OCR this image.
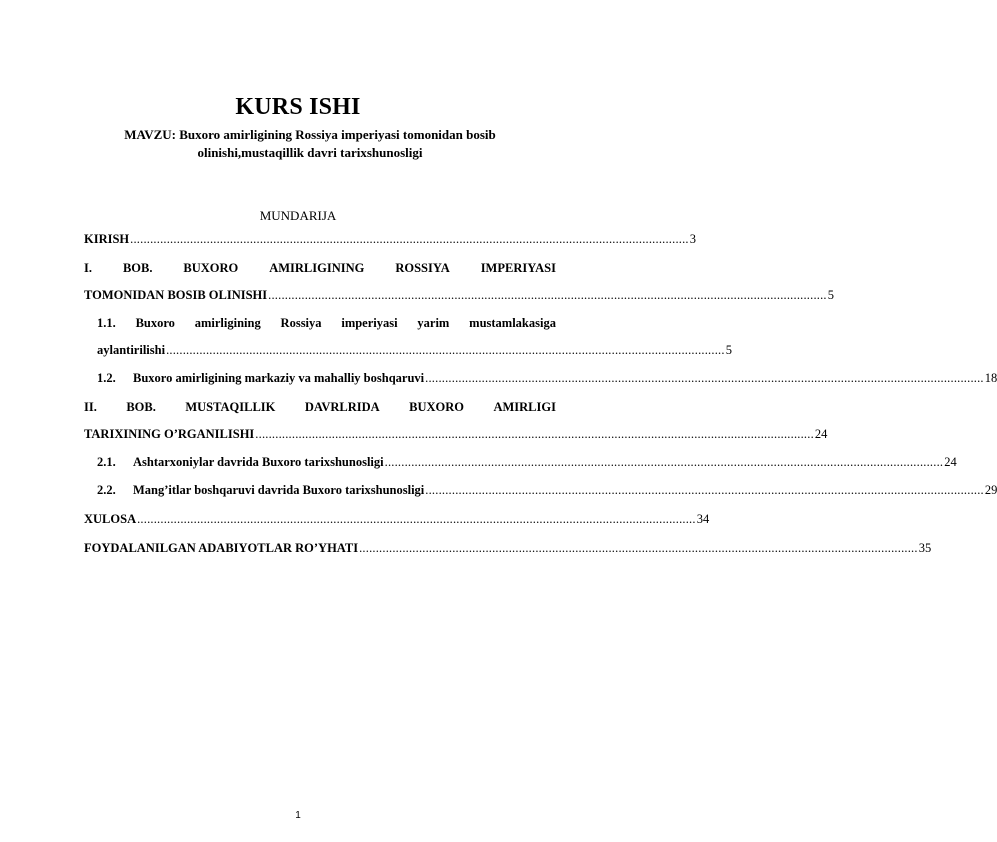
KURS ISHI
MAVZU: Buxoro amirligining Rossiya imperiyasi tomonidan bosib
olinishi,mustaqillik davri tarixshunosligi
MUNDARIJA
KIRISH ........................................................................................................................................................................ 3
I. BOB. BUXORO AMIRLIGINING ROSSIYA IMPERIYASI
TOMONIDAN BOSIB OLINISHI ........................................................................................................................................................................ 5
1.1. Buxoro amirligining Rossiya imperiyasi yarim mustamlakasiga
aylantirilishi ........................................................................................................................................................................ 5
1.2. Buxoro amirligining markaziy va mahalliy boshqaruvi ........................................................................................................................................................................ 18
II. BOB. MUSTAQILLIK DAVRLRIDA BUXORO AMIRLIGI
TARIXINING O’RGANILISHI ........................................................................................................................................................................ 24
2.1. Ashtarxoniylar davrida Buxoro tarixshunosligi ........................................................................................................................................................................ 24
2.2. Mang’itlar boshqaruvi davrida Buxoro tarixshunosligi ........................................................................................................................................................................ 29
XULOSA ........................................................................................................................................................................ 34
FOYDALANILGAN ADABIYOTLAR RO’YHATI ........................................................................................................................................................................ 35
1
